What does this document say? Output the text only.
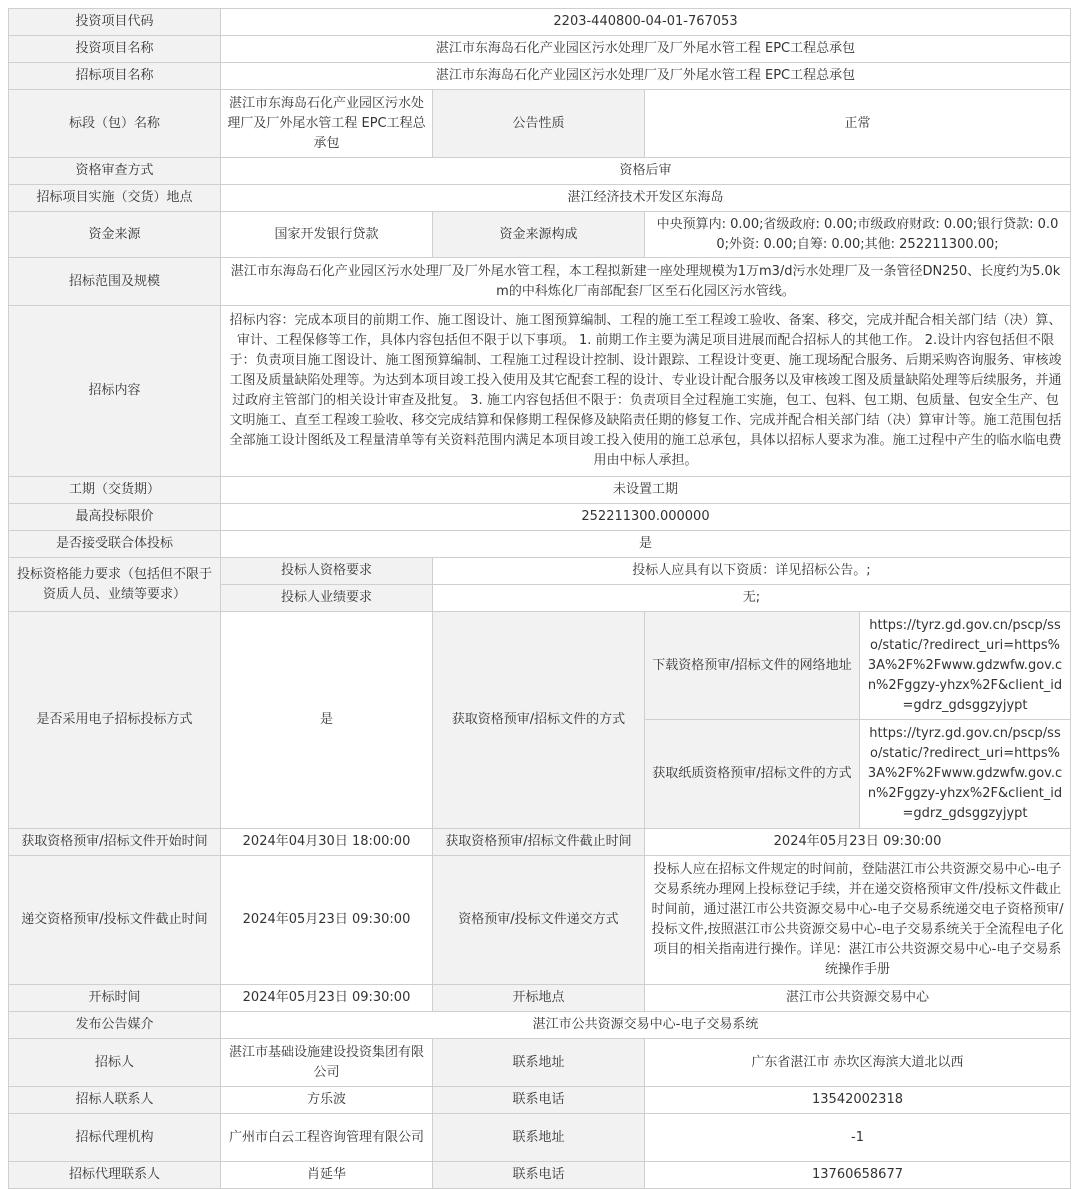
投资项目代码	2203-440800-04-01-767053			
投资项目名称	湛江市东海岛石化产业园区污水处理厂及厂外尾水管工程 EPC工程总承包			
招标项目名称	湛江市东海岛石化产业园区污水处理厂及厂外尾水管工程 EPC工程总承包			
标段（包）名称	湛江市东海岛石化产业园区污水处理厂及厂外尾水管工程 EPC工程总承包	公告性质	正常	
资格审查方式	资格后审			
招标项目实施（交货）地点	湛江经济技术开发区东海岛			
资金来源	国家开发银行贷款	资金来源构成	中央预算内: 0.00;省级政府: 0.00;市级政府财政: 0.00;银行贷款: 0.00;外资: 0.00;自筹: 0.00;其他: 252211300.00;	
招标范围及规模	湛江市东海岛石化产业园区污水处理厂及厂外尾水管工程，本工程拟新建一座处理规模为1万m3/d污水处理厂及一条管径DN250、长度约为5.0km的中科炼化厂南部配套厂区至石化园区污水管线。			
招标内容	招标内容：完成本项目的前期工作、施工图设计、施工图预算编制、工程的施工至工程竣工验收、备案、移交，完成并配合相关部门结（决）算、审计、工程保修等工作，具体内容包括但不限于以下事项。 1. 前期工作主要为满足项目进展而配合招标人的其他工作。 2.设计内容包括但不限于：负责项目施工图设计、施工图预算编制、工程施工过程设计控制、设计跟踪、工程设计变更、施工现场配合服务、后期采购咨询服务、审核竣工图及质量缺陷处理等。为达到本项目竣工投入使用及其它配套工程的设计、专业设计配合服务以及审核竣工图及质量缺陷处理等后续服务，并通过政府主管部门的相关设计审查及批复。 3. 施工内容包括但不限于：负责项目全过程施工实施，包工、包料、包工期、包质量、包安全生产、包文明施工、直至工程竣工验收、移交完成结算和保修期工程保修及缺陷责任期的修复工作、完成并配合相关部门结（决）算审计等。施工范围包括全部施工设计图纸及工程量清单等有关资料范围内满足本项目竣工投入使用的施工总承包，具体以招标人要求为准。施工过程中产生的临水临电费用由中标人承担。			
工期（交货期）	未设置工期			
最高投标限价	252211300.000000			
是否接受联合体投标	是			
投标资格能力要求（包括但不限于资质人员、业绩等要求）	投标人资格要求	投标人应具有以下资质：详见招标公告。;		
	投标人业绩要求	无;		
是否采用电子招标投标方式	是	获取资格预审/招标文件的方式	下载资格预审/招标文件的网络地址	https://tyrz.gd.gov.cn/pscp/sso/static/?redirect_uri=https%3A%2F%2Fwww.gdzwfw.gov.cn%2Fggzy-yhzx%2F&client_id=gdrz_gdsggzyjypt
			获取纸质资格预审/招标文件的方式	https://tyrz.gd.gov.cn/pscp/sso/static/?redirect_uri=https%3A%2F%2Fwww.gdzwfw.gov.cn%2Fggzy-yhzx%2F&client_id=gdrz_gdsggzyjypt
获取资格预审/招标文件开始时间	2024年04月30日 18:00:00	获取资格预审/招标文件截止时间	2024年05月23日 09:30:00	
递交资格预审/投标文件截止时间	2024年05月23日 09:30:00	资格预审/投标文件递交方式	投标人应在招标文件规定的时间前，登陆湛江市公共资源交易中心-电子交易系统办理网上投标登记手续，并在递交资格预审文件/投标文件截止时间前，通过湛江市公共资源交易中心-电子交易系统递交电子资格预审/投标文件,按照湛江市公共资源交易中心-电子交易系统关于全流程电子化项目的相关指南进行操作。详见：湛江市公共资源交易中心-电子交易系统操作手册	
开标时间	2024年05月23日 09:30:00	开标地点	湛江市公共资源交易中心	
发布公告媒介	湛江市公共资源交易中心-电子交易系统			
招标人	湛江市基础设施建设投资集团有限公司	联系地址	广东省湛江市 赤坎区海滨大道北以西	
招标人联系人	方乐波	联系电话	13542002318	
招标代理机构	广州市白云工程咨询管理有限公司	联系地址	-1	
招标代理联系人	肖延华	联系电话	13760658677	
